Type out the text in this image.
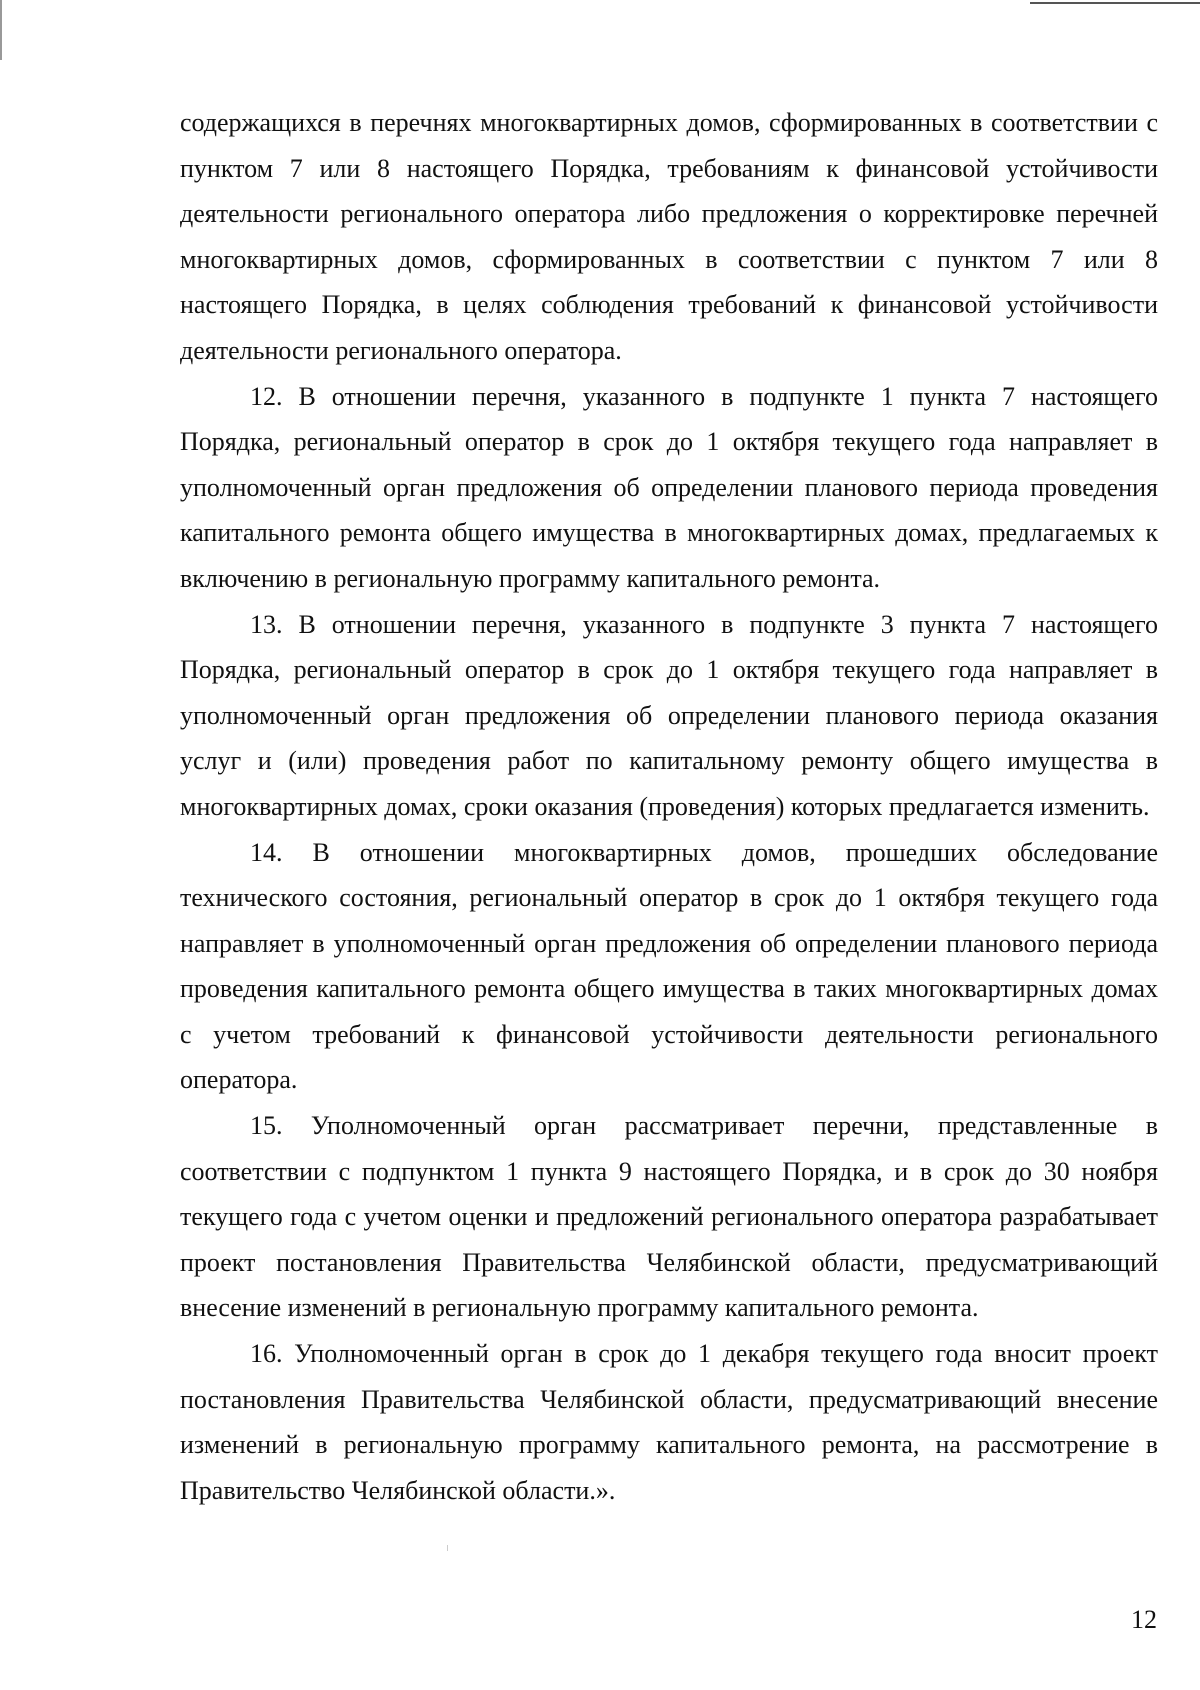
содержащихся в перечнях многоквартирных домов, сформированных в соответствии с пунктом 7 или 8 настоящего Порядка, требованиям к финансовой устойчивости деятельности регионального оператора либо предложения о корректировке перечней многоквартирных домов, сформированных в соответствии с пунктом 7 или 8 настоящего Порядка, в целях соблюдения требований к финансовой устойчивости деятельности регионального оператора.

12. В отношении перечня, указанного в подпункте 1 пункта 7 настоящего Порядка, региональный оператор в срок до 1 октября текущего года направляет в уполномоченный орган предложения об определении планового периода проведения капитального ремонта общего имущества в многоквартирных домах, предлагаемых к включению в региональную программу капитального ремонта.

13. В отношении перечня, указанного в подпункте 3 пункта 7 настоящего Порядка, региональный оператор в срок до 1 октября текущего года направляет в уполномоченный орган предложения об определении планового периода оказания услуг и (или) проведения работ по капитальному ремонту общего имущества в многоквартирных домах, сроки оказания (проведения) которых предлагается изменить.

14. В отношении многоквартирных домов, прошедших обследование технического состояния, региональный оператор в срок до 1 октября текущего года направляет в уполномоченный орган предложения об определении планового периода проведения капитального ремонта общего имущества в таких многоквартирных домах с учетом требований к финансовой устойчивости деятельности регионального оператора.

15. Уполномоченный орган рассматривает перечни, представленные в соответствии с подпунктом 1 пункта 9 настоящего Порядка, и в срок до 30 ноября текущего года с учетом оценки и предложений регионального оператора разрабатывает проект постановления Правительства Челябинской области, предусматривающий внесение изменений в региональную программу капитального ремонта.

16. Уполномоченный орган в срок до 1 декабря текущего года вносит проект постановления Правительства Челябинской области, предусматривающий внесение изменений в региональную программу капитального ремонта, на рассмотрение в Правительство Челябинской области.».

12
